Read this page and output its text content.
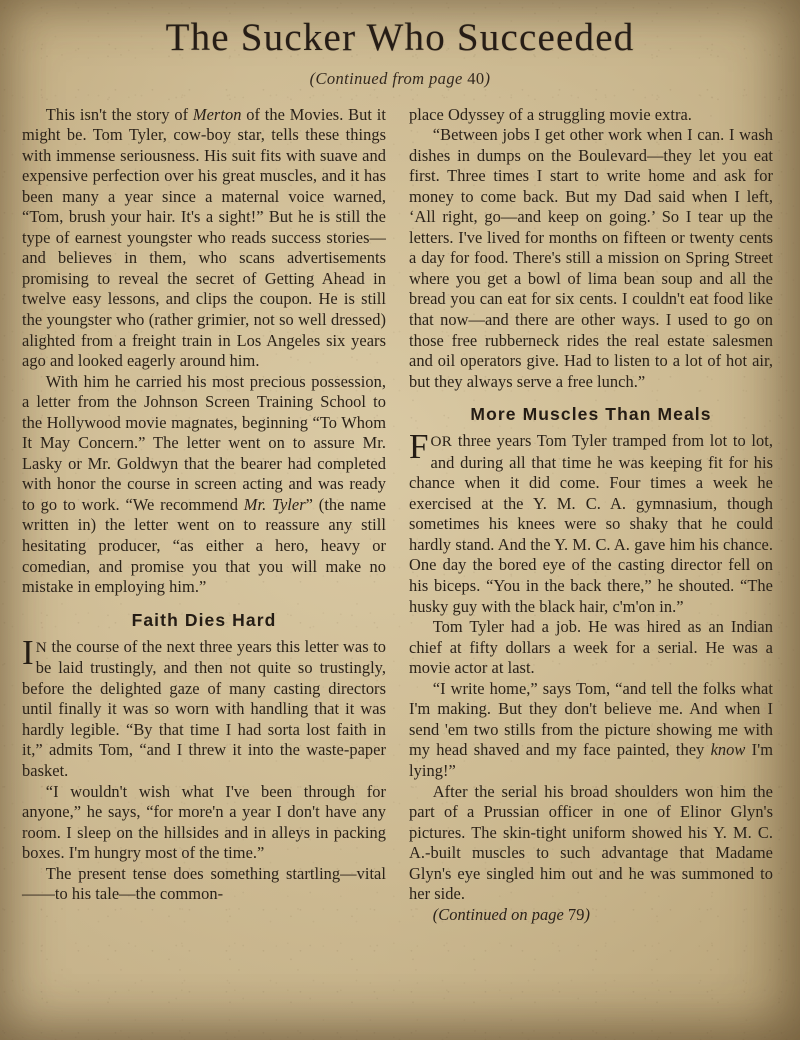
The Sucker Who Succeeded

(Continued from page 40)

This isn't the story of Merton of the Movies. But it might be. Tom Tyler, cow-boy star, tells these things with immense seriousness. His suit fits with suave and expensive perfection over his great muscles, and it has been many a year since a maternal voice warned, “Tom, brush your hair. It's a sight!” But he is still the type of earnest youngster who reads success stories—and believes in them, who scans advertisements promising to reveal the secret of Getting Ahead in twelve easy lessons, and clips the coupon. He is still the youngster who (rather grimier, not so well dressed) alighted from a freight train in Los Angeles six years ago and looked eagerly around him.

With him he carried his most precious possession, a letter from the Johnson Screen Training School to the Hollywood movie magnates, beginning “To Whom It May Concern.” The letter went on to assure Mr. Lasky or Mr. Goldwyn that the bearer had completed with honor the course in screen acting and was ready to go to work. “We recommend Mr. Tyler” (the name written in) the letter went on to reassure any still hesitating producer, “as either a hero, heavy or comedian, and promise you that you will make no mistake in employing him.”

Faith Dies Hard

I N the course of the next three years this letter was to be laid trustingly, and then not quite so trustingly, before the delighted gaze of many casting directors until finally it was so worn with handling that it was hardly legible. “By that time I had sorta lost faith in it,” admits Tom, “and I threw it into the waste-paper basket.

“I wouldn't wish what I've been through for anyone,” he says, “for more'n a year I don't have any room. I sleep on the hillsides and in alleys in packing boxes. I'm hungry most of the time.”

The present tense does something startling—vital——to his tale—the common-

place Odyssey of a struggling movie extra.

“Between jobs I get other work when I can. I wash dishes in dumps on the Boulevard—they let you eat first. Three times I start to write home and ask for money to come back. But my Dad said when I left, ‘All right, go—and keep on going.’ So I tear up the letters. I've lived for months on fifteen or twenty cents a day for food. There's still a mission on Spring Street where you get a bowl of lima bean soup and all the bread you can eat for six cents. I couldn't eat food like that now—and there are other ways. I used to go on those free rubberneck rides the real estate salesmen and oil operators give. Had to listen to a lot of hot air, but they always serve a free lunch.”

More Muscles Than Meals

FOR three years Tom Tyler tramped from lot to lot, and during all that time he was keeping fit for his chance when it did come. Four times a week he exercised at the Y. M. C. A. gymnasium, though sometimes his knees were so shaky that he could hardly stand. And the Y. M. C. A. gave him his chance. One day the bored eye of the casting director fell on his biceps. “You in the back there,” he shouted. “The husky guy with the black hair, c'm'on in.”

Tom Tyler had a job. He was hired as an Indian chief at fifty dollars a week for a serial. He was a movie actor at last.

“I write home,” says Tom, “and tell the folks what I'm making. But they don't believe me. And when I send 'em two stills from the picture showing me with my head shaved and my face painted, they know I'm lying!”

After the serial his broad shoulders won him the part of a Prussian officer in one of Elinor Glyn's pictures. The skin-tight uniform showed his Y. M. C. A.-built muscles to such advantage that Madame Glyn's eye singled him out and he was summoned to her side.

(Continued on page 79)
